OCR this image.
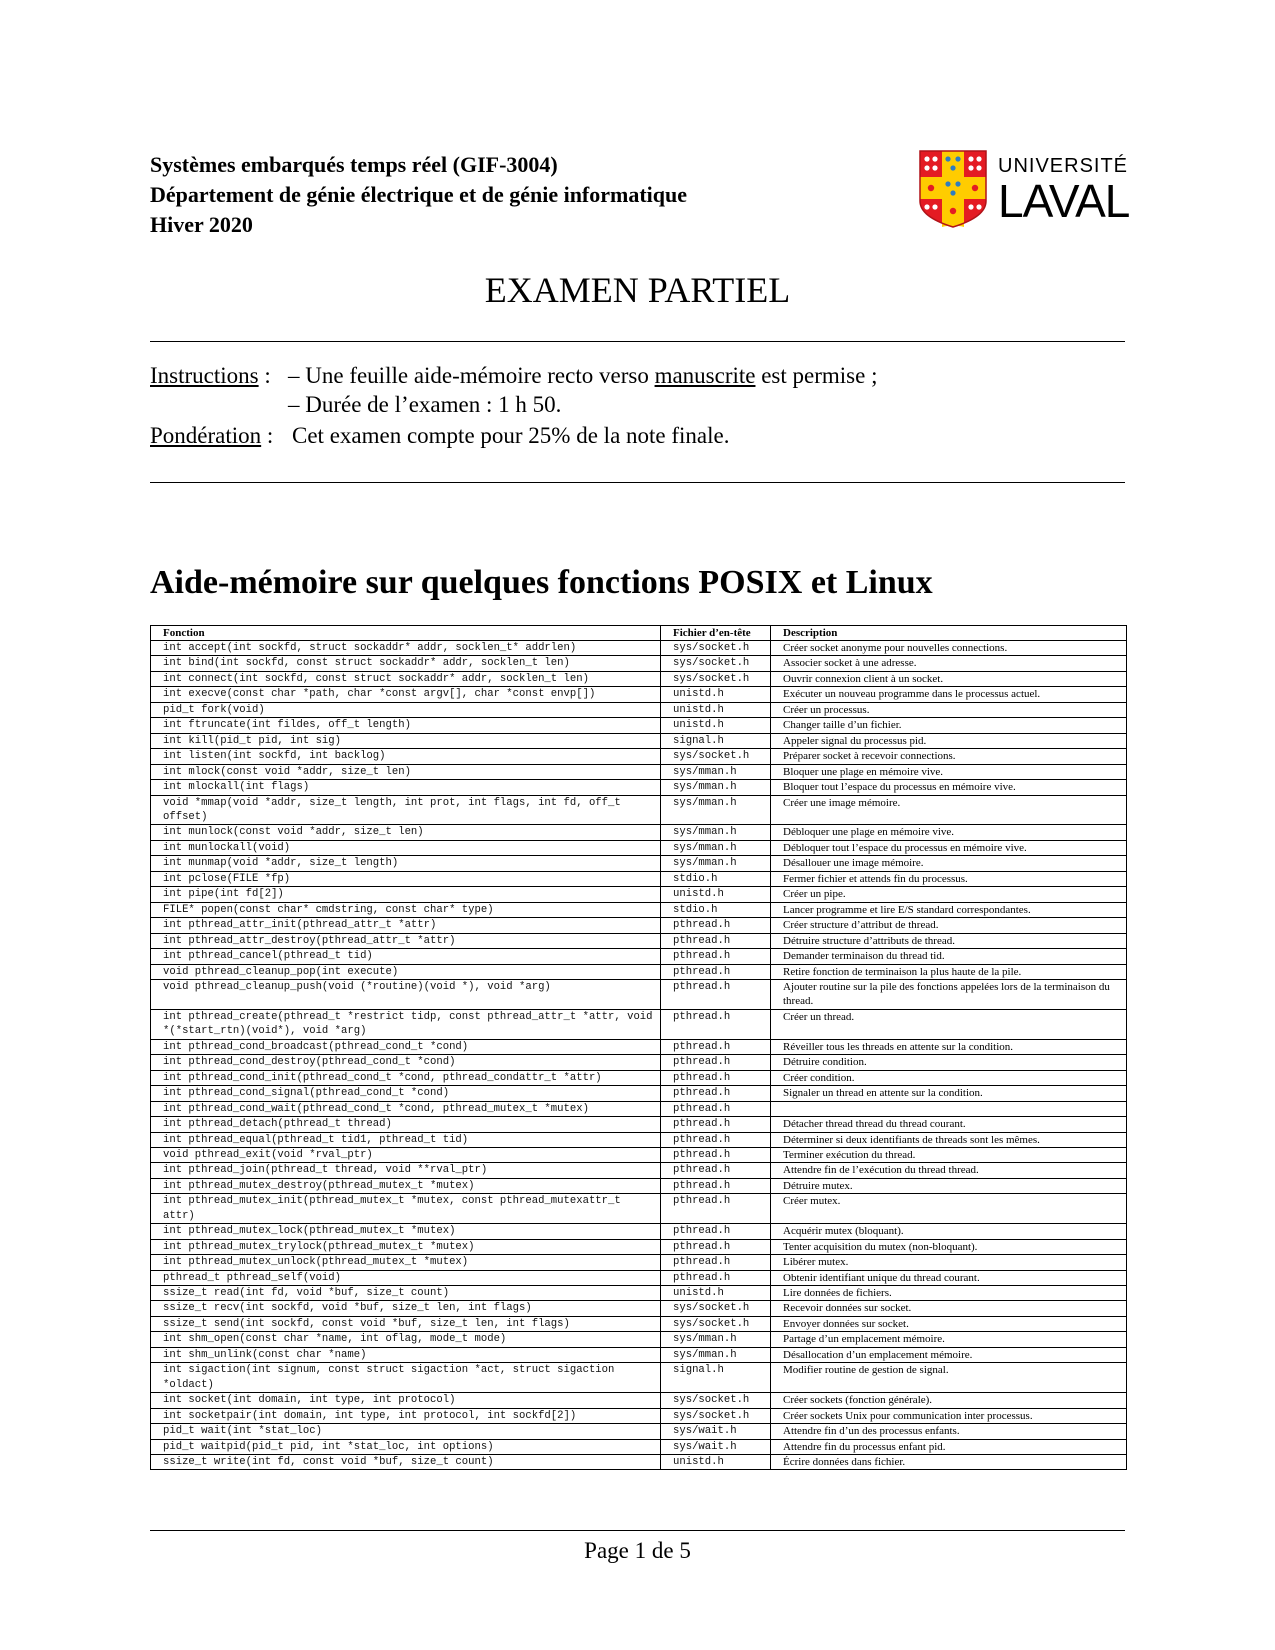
Systèmes embarqués temps réel (GIF-3004)
Département de génie électrique et de génie informatique
Hiver 2020
UNIVERSITÉ
LAVAL
EXAMEN PARTIEL
Instructions : – Une feuille aide-mémoire recto verso manuscrite est permise ;
– Durée de l’examen : 1 h 50.
Pondération : Cet examen compte pour 25% de la note finale.
Aide-mémoire sur quelques fonctions POSIX et Linux
Fonction	Fichier d’en-tête	Description
int accept(int sockfd, struct sockaddr* addr, socklen_t* addrlen)	sys/socket.h	Créer socket anonyme pour nouvelles connections.
int bind(int sockfd, const struct sockaddr* addr, socklen_t len)	sys/socket.h	Associer socket à une adresse.
int connect(int sockfd, const struct sockaddr* addr, socklen_t len)	sys/socket.h	Ouvrir connexion client à un socket.
int execve(const char *path, char *const argv[], char *const envp[])	unistd.h	Exécuter un nouveau programme dans le processus actuel.
pid_t fork(void)	unistd.h	Créer un processus.
int ftruncate(int fildes, off_t length)	unistd.h	Changer taille d’un fichier.
int kill(pid_t pid, int sig)	signal.h	Appeler signal du processus pid.
int listen(int sockfd, int backlog)	sys/socket.h	Préparer socket à recevoir connections.
int mlock(const void *addr, size_t len)	sys/mman.h	Bloquer une plage en mémoire vive.
int mlockall(int flags)	sys/mman.h	Bloquer tout l’espace du processus en mémoire vive.
void *mmap(void *addr, size_t length, int prot, int flags, int fd, off_t offset)	sys/mman.h	Créer une image mémoire.
int munlock(const void *addr, size_t len)	sys/mman.h	Débloquer une plage en mémoire vive.
int munlockall(void)	sys/mman.h	Débloquer tout l’espace du processus en mémoire vive.
int munmap(void *addr, size_t length)	sys/mman.h	Désallouer une image mémoire.
int pclose(FILE *fp)	stdio.h	Fermer fichier et attends fin du processus.
int pipe(int fd[2])	unistd.h	Créer un pipe.
FILE* popen(const char* cmdstring, const char* type)	stdio.h	Lancer programme et lire E/S standard correspondantes.
int pthread_attr_init(pthread_attr_t *attr)	pthread.h	Créer structure d’attribut de thread.
int pthread_attr_destroy(pthread_attr_t *attr)	pthread.h	Détruire structure d’attributs de thread.
int pthread_cancel(pthread_t tid)	pthread.h	Demander terminaison du thread tid.
void pthread_cleanup_pop(int execute)	pthread.h	Retire fonction de terminaison la plus haute de la pile.
void pthread_cleanup_push(void (*routine)(void *), void *arg)	pthread.h	Ajouter routine sur la pile des fonctions appelées lors de la terminaison du thread.
int pthread_create(pthread_t *restrict tidp, const pthread_attr_t *attr, void *(*start_rtn)(void*), void *arg)	pthread.h	Créer un thread.
int pthread_cond_broadcast(pthread_cond_t *cond)	pthread.h	Réveiller tous les threads en attente sur la condition.
int pthread_cond_destroy(pthread_cond_t *cond)	pthread.h	Détruire condition.
int pthread_cond_init(pthread_cond_t *cond, pthread_condattr_t *attr)	pthread.h	Créer condition.
int pthread_cond_signal(pthread_cond_t *cond)	pthread.h	Signaler un thread en attente sur la condition.
int pthread_cond_wait(pthread_cond_t *cond, pthread_mutex_t *mutex)	pthread.h	
int pthread_detach(pthread_t thread)	pthread.h	Détacher thread thread du thread courant.
int pthread_equal(pthread_t tid1, pthread_t tid)	pthread.h	Déterminer si deux identifiants de threads sont les mêmes.
void pthread_exit(void *rval_ptr)	pthread.h	Terminer exécution du thread.
int pthread_join(pthread_t thread, void **rval_ptr)	pthread.h	Attendre fin de l’exécution du thread thread.
int pthread_mutex_destroy(pthread_mutex_t *mutex)	pthread.h	Détruire mutex.
int pthread_mutex_init(pthread_mutex_t *mutex, const pthread_mutexattr_t attr)	pthread.h	Créer mutex.
int pthread_mutex_lock(pthread_mutex_t *mutex)	pthread.h	Acquérir mutex (bloquant).
int pthread_mutex_trylock(pthread_mutex_t *mutex)	pthread.h	Tenter acquisition du mutex (non-bloquant).
int pthread_mutex_unlock(pthread_mutex_t *mutex)	pthread.h	Libérer mutex.
pthread_t pthread_self(void)	pthread.h	Obtenir identifiant unique du thread courant.
ssize_t read(int fd, void *buf, size_t count)	unistd.h	Lire données de fichiers.
ssize_t recv(int sockfd, void *buf, size_t len, int flags)	sys/socket.h	Recevoir données sur socket.
ssize_t send(int sockfd, const void *buf, size_t len, int flags)	sys/socket.h	Envoyer données sur socket.
int shm_open(const char *name, int oflag, mode_t mode)	sys/mman.h	Partage d’un emplacement mémoire.
int shm_unlink(const char *name)	sys/mman.h	Désallocation d’un emplacement mémoire.
int sigaction(int signum, const struct sigaction *act, struct sigaction *oldact)	signal.h	Modifier routine de gestion de signal.
int socket(int domain, int type, int protocol)	sys/socket.h	Créer sockets (fonction générale).
int socketpair(int domain, int type, int protocol, int sockfd[2])	sys/socket.h	Créer sockets Unix pour communication inter processus.
pid_t wait(int *stat_loc)	sys/wait.h	Attendre fin d’un des processus enfants.
pid_t waitpid(pid_t pid, int *stat_loc, int options)	sys/wait.h	Attendre fin du processus enfant pid.
ssize_t write(int fd, const void *buf, size_t count)	unistd.h	Écrire données dans fichier.
Page 1 de 5
